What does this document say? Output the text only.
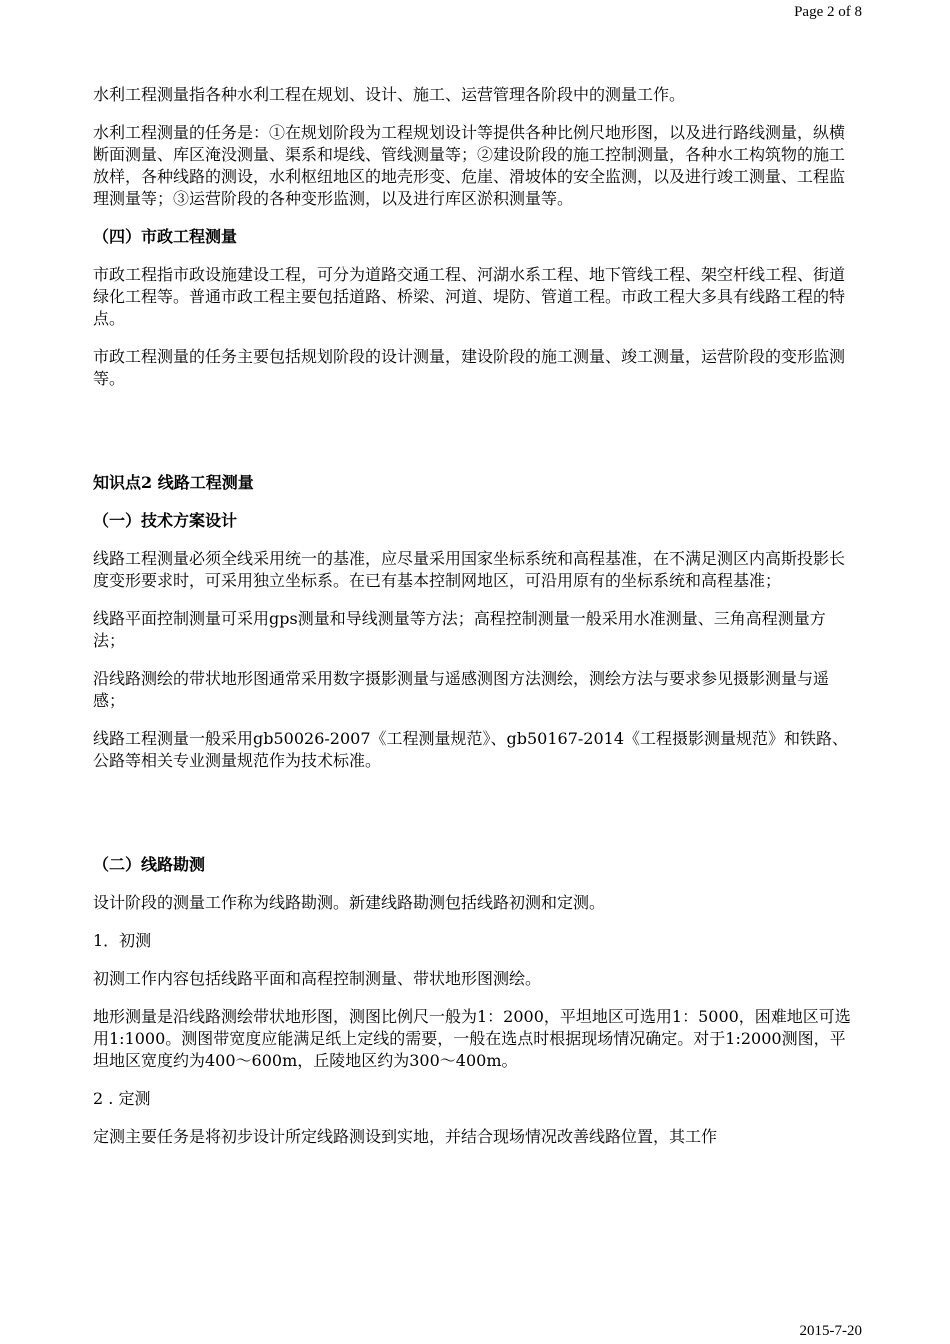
Page 2 of 8

水利工程测量指各种水利工程在规划、设计、施工、运营管理各阶段中的测量工作。

水利工程测量的任务是：①在规划阶段为工程规划设计等提供各种比例尺地形图，以及进行路线测量，纵横断面测量、库区淹没测量、渠系和堤线、管线测量等；②建设阶段的施工控制测量，各种水工构筑物的施工放样，各种线路的测设，水利枢纽地区的地壳形变、危崖、滑坡体的安全监测，以及进行竣工测量、工程监理测量等；③运营阶段的各种变形监测，以及进行库区淤积测量等。

（四）市政工程测量

市政工程指市政设施建设工程，可分为道路交通工程、河湖水系工程、地下管线工程、架空杆线工程、街道绿化工程等。普通市政工程主要包括道路、桥梁、河道、堤防、管道工程。市政工程大多具有线路工程的特点。

市政工程测量的任务主要包括规划阶段的设计测量，建设阶段的施工测量、竣工测量，运营阶段的变形监测等。

知识点2 线路工程测量

（一）技术方案设计

线路工程测量必须全线采用统一的基准，应尽量采用国家坐标系统和高程基准，在不满足测区内高斯投影长度变形要求时，可采用独立坐标系。在已有基本控制网地区，可沿用原有的坐标系统和高程基准；

线路平面控制测量可采用gps测量和导线测量等方法；高程控制测量一般采用水准测量、三角高程测量方法；

沿线路测绘的带状地形图通常采用数字摄影测量与遥感测图方法测绘，测绘方法与要求参见摄影测量与遥感；

线路工程测量一般采用gb50026-2007《工程测量规范》、gb50167-2014《工程摄影测量规范》和铁路、公路等相关专业测量规范作为技术标准。

（二）线路勘测

设计阶段的测量工作称为线路勘测。新建线路勘测包括线路初测和定测。

1．初测

初测工作内容包括线路平面和高程控制测量、带状地形图测绘。

地形测量是沿线路测绘带状地形图，测图比例尺一般为1：2000，平坦地区可选用1：5000，困难地区可选用1:1000。测图带宽度应能满足纸上定线的需要，一般在选点时根据现场情况确定。对于1:2000测图，平坦地区宽度约为400～600m，丘陵地区约为300～400m。

2 . 定测

定测主要任务是将初步设计所定线路测设到实地，并结合现场情况改善线路位置，其工作

2015-7-20
